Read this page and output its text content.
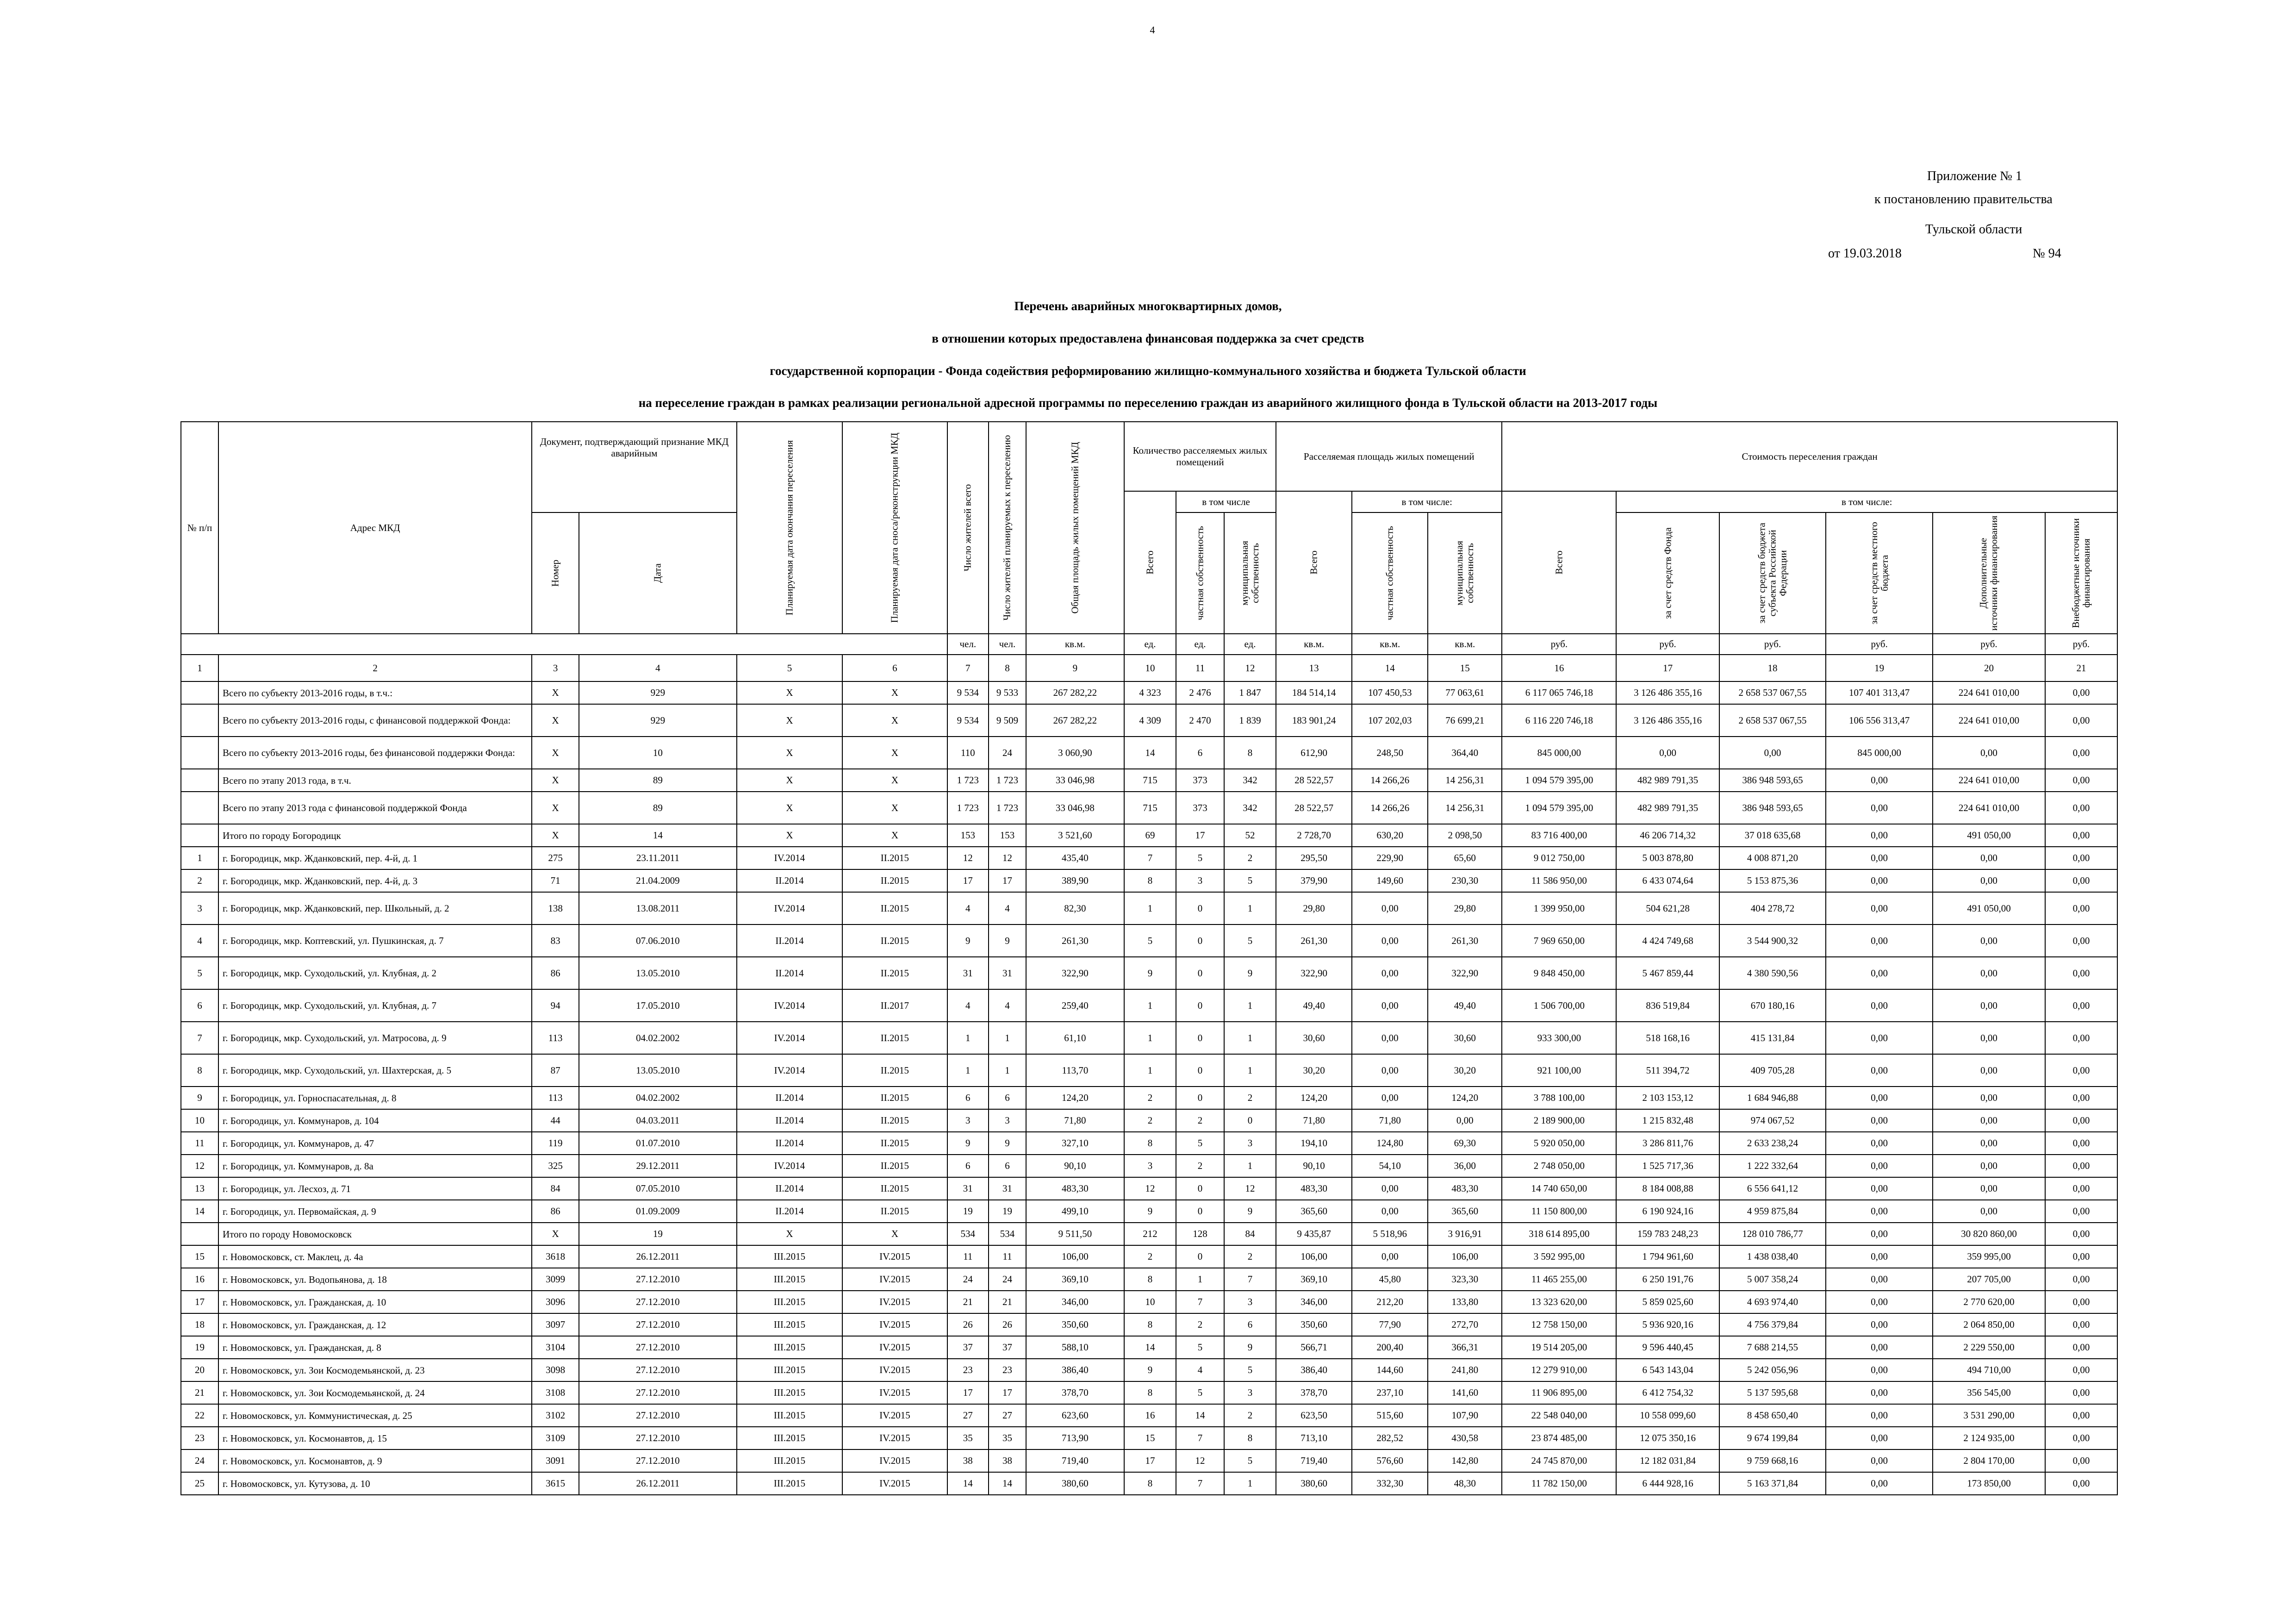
4
Приложение № 1
к постановлению правительства
Тульской области
от 19.03.2018	№ 94
Перечень аварийных многоквартирных домов,
в отношении которых предоставлена финансовая поддержка за счет средств
государственной корпорации - Фонда содействия реформированию жилищно-коммунального хозяйства и бюджета Тульской области
на переселение граждан в рамках реализации региональной адресной программы по переселению граждан из аварийного жилищного фонда в Тульской области на 2013-2017 годы
№ п/п	Адрес МКД	Документ, подтверждающий признание МКД аварийным		Планируемая дата окончания переселения	Планируемая дата сноса/реконструкции МКД	Число жителей всего	Число жителей планируемых к переселению	Общая площадь жилых помещений МКД	Количество расселяемых жилых помещений			Расселяемая площадь жилых помещений			Стоимость переселения граждан					

									Всего	в том числе		Всего	в том числе:		Всего	в том числе:				

		Номер	Дата							частная собственность	муниципальная собственность		частная собственность	муниципальная собственность		за счет средств Фонда	за счет средств бюджета субъекта Российской Федерации	за счет средств местного бюджета	Дополнительные источники финансирования	Внебюджетные источники финансирования

						чел.	чел.	кв.м.	ед.	ед.	ед.	кв.м.	кв.м.	кв.м.	руб.	руб.	руб.	руб.	руб.	руб.
1	2	3	4	5	6	7	8	9	10	11	12	13	14	15	16	17	18	19	20	21
	Всего по субъекту 2013-2016 годы, в т.ч.:	X	929	X	X	9 534	9 533	267 282,22	4 323	2 476	1 847	184 514,14	107 450,53	77 063,61	6 117 065 746,18	3 126 486 355,16	2 658 537 067,55	107 401 313,47	224 641 010,00	0,00
	Всего по субъекту 2013-2016 годы, с финансовой поддержкой Фонда:	X	929	X	X	9 534	9 509	267 282,22	4 309	2 470	1 839	183 901,24	107 202,03	76 699,21	6 116 220 746,18	3 126 486 355,16	2 658 537 067,55	106 556 313,47	224 641 010,00	0,00
	Всего по субъекту 2013-2016 годы, без финансовой поддержки Фонда:	X	10	X	X	110	24	3 060,90	14	6	8	612,90	248,50	364,40	845 000,00	0,00	0,00	845 000,00	0,00	0,00
	Всего по этапу 2013 года, в т.ч.	X	89	X	X	1 723	1 723	33 046,98	715	373	342	28 522,57	14 266,26	14 256,31	1 094 579 395,00	482 989 791,35	386 948 593,65	0,00	224 641 010,00	0,00
	Всего по этапу 2013 года с финансовой поддержкой Фонда	X	89	X	X	1 723	1 723	33 046,98	715	373	342	28 522,57	14 266,26	14 256,31	1 094 579 395,00	482 989 791,35	386 948 593,65	0,00	224 641 010,00	0,00
	Итого по городу Богородицк	X	14	X	X	153	153	3 521,60	69	17	52	2 728,70	630,20	2 098,50	83 716 400,00	46 206 714,32	37 018 635,68	0,00	491 050,00	0,00
1	г. Богородицк, мкр. Жданковский, пер. 4-й, д. 1	275	23.11.2011	IV.2014	II.2015	12	12	435,40	7	5	2	295,50	229,90	65,60	9 012 750,00	5 003 878,80	4 008 871,20	0,00	0,00	0,00
2	г. Богородицк, мкр. Жданковский, пер. 4-й, д. 3	71	21.04.2009	II.2014	II.2015	17	17	389,90	8	3	5	379,90	149,60	230,30	11 586 950,00	6 433 074,64	5 153 875,36	0,00	0,00	0,00
3	г. Богородицк, мкр. Жданковский, пер. Школьный, д. 2	138	13.08.2011	IV.2014	II.2015	4	4	82,30	1	0	1	29,80	0,00	29,80	1 399 950,00	504 621,28	404 278,72	0,00	491 050,00	0,00
4	г. Богородицк, мкр. Коптевский, ул. Пушкинская, д. 7	83	07.06.2010	II.2014	II.2015	9	9	261,30	5	0	5	261,30	0,00	261,30	7 969 650,00	4 424 749,68	3 544 900,32	0,00	0,00	0,00
5	г. Богородицк, мкр. Суходольский, ул. Клубная, д. 2	86	13.05.2010	II.2014	II.2015	31	31	322,90	9	0	9	322,90	0,00	322,90	9 848 450,00	5 467 859,44	4 380 590,56	0,00	0,00	0,00
6	г. Богородицк, мкр. Суходольский, ул. Клубная, д. 7	94	17.05.2010	IV.2014	II.2017	4	4	259,40	1	0	1	49,40	0,00	49,40	1 506 700,00	836 519,84	670 180,16	0,00	0,00	0,00
7	г. Богородицк, мкр. Суходольский, ул. Матросова, д. 9	113	04.02.2002	IV.2014	II.2015	1	1	61,10	1	0	1	30,60	0,00	30,60	933 300,00	518 168,16	415 131,84	0,00	0,00	0,00
8	г. Богородицк, мкр. Суходольский, ул. Шахтерская, д. 5	87	13.05.2010	IV.2014	II.2015	1	1	113,70	1	0	1	30,20	0,00	30,20	921 100,00	511 394,72	409 705,28	0,00	0,00	0,00
9	г. Богородицк, ул. Горноспасательная, д. 8	113	04.02.2002	II.2014	II.2015	6	6	124,20	2	0	2	124,20	0,00	124,20	3 788 100,00	2 103 153,12	1 684 946,88	0,00	0,00	0,00
10	г. Богородицк, ул. Коммунаров, д. 104	44	04.03.2011	II.2014	II.2015	3	3	71,80	2	2	0	71,80	71,80	0,00	2 189 900,00	1 215 832,48	974 067,52	0,00	0,00	0,00
11	г. Богородицк, ул. Коммунаров, д. 47	119	01.07.2010	II.2014	II.2015	9	9	327,10	8	5	3	194,10	124,80	69,30	5 920 050,00	3 286 811,76	2 633 238,24	0,00	0,00	0,00
12	г. Богородицк, ул. Коммунаров, д. 8а	325	29.12.2011	IV.2014	II.2015	6	6	90,10	3	2	1	90,10	54,10	36,00	2 748 050,00	1 525 717,36	1 222 332,64	0,00	0,00	0,00
13	г. Богородицк, ул. Лесхоз, д. 71	84	07.05.2010	II.2014	II.2015	31	31	483,30	12	0	12	483,30	0,00	483,30	14 740 650,00	8 184 008,88	6 556 641,12	0,00	0,00	0,00
14	г. Богородицк, ул. Первомайская, д. 9	86	01.09.2009	II.2014	II.2015	19	19	499,10	9	0	9	365,60	0,00	365,60	11 150 800,00	6 190 924,16	4 959 875,84	0,00	0,00	0,00
	Итого по городу Новомосковск	X	19	X	X	534	534	9 511,50	212	128	84	9 435,87	5 518,96	3 916,91	318 614 895,00	159 783 248,23	128 010 786,77	0,00	30 820 860,00	0,00
15	г. Новомосковск, ст. Маклец, д. 4а	3618	26.12.2011	III.2015	IV.2015	11	11	106,00	2	0	2	106,00	0,00	106,00	3 592 995,00	1 794 961,60	1 438 038,40	0,00	359 995,00	0,00
16	г. Новомосковск, ул. Водопьянова, д. 18	3099	27.12.2010	III.2015	IV.2015	24	24	369,10	8	1	7	369,10	45,80	323,30	11 465 255,00	6 250 191,76	5 007 358,24	0,00	207 705,00	0,00
17	г. Новомосковск, ул. Гражданская, д. 10	3096	27.12.2010	III.2015	IV.2015	21	21	346,00	10	7	3	346,00	212,20	133,80	13 323 620,00	5 859 025,60	4 693 974,40	0,00	2 770 620,00	0,00
18	г. Новомосковск, ул. Гражданская, д. 12	3097	27.12.2010	III.2015	IV.2015	26	26	350,60	8	2	6	350,60	77,90	272,70	12 758 150,00	5 936 920,16	4 756 379,84	0,00	2 064 850,00	0,00
19	г. Новомосковск, ул. Гражданская, д. 8	3104	27.12.2010	III.2015	IV.2015	37	37	588,10	14	5	9	566,71	200,40	366,31	19 514 205,00	9 596 440,45	7 688 214,55	0,00	2 229 550,00	0,00
20	г. Новомосковск, ул. Зои Космодемьянской, д. 23	3098	27.12.2010	III.2015	IV.2015	23	23	386,40	9	4	5	386,40	144,60	241,80	12 279 910,00	6 543 143,04	5 242 056,96	0,00	494 710,00	0,00
21	г. Новомосковск, ул. Зои Космодемьянской, д. 24	3108	27.12.2010	III.2015	IV.2015	17	17	378,70	8	5	3	378,70	237,10	141,60	11 906 895,00	6 412 754,32	5 137 595,68	0,00	356 545,00	0,00
22	г. Новомосковск, ул. Коммунистическая, д. 25	3102	27.12.2010	III.2015	IV.2015	27	27	623,60	16	14	2	623,50	515,60	107,90	22 548 040,00	10 558 099,60	8 458 650,40	0,00	3 531 290,00	0,00
23	г. Новомосковск, ул. Космонавтов, д. 15	3109	27.12.2010	III.2015	IV.2015	35	35	713,90	15	7	8	713,10	282,52	430,58	23 874 485,00	12 075 350,16	9 674 199,84	0,00	2 124 935,00	0,00
24	г. Новомосковск, ул. Космонавтов, д. 9	3091	27.12.2010	III.2015	IV.2015	38	38	719,40	17	12	5	719,40	576,60	142,80	24 745 870,00	12 182 031,84	9 759 668,16	0,00	2 804 170,00	0,00
25	г. Новомосковск, ул. Кутузова, д. 10	3615	26.12.2011	III.2015	IV.2015	14	14	380,60	8	7	1	380,60	332,30	48,30	11 782 150,00	6 444 928,16	5 163 371,84	0,00	173 850,00	0,00
